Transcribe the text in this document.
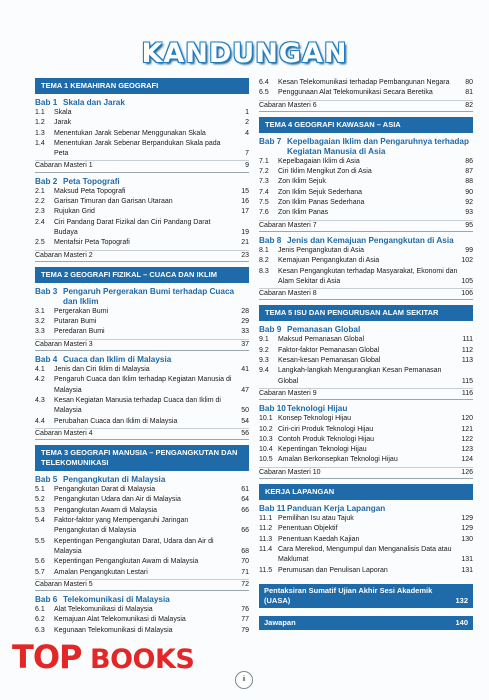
KANDUNGAN
TEMA 1 KEMAHIRAN GEOGRAFI
Bab 1 Skala dan Jarak
1.1	Skala	1
1.2	Jarak	2
1.3	Menentukan Jarak Sebenar Menggunakan Skala	4
1.4	Menentukan Jarak Sebenar Berpandukan Skala pada Peta	7
Cabaran Masteri 1	9
Bab 2 Peta Topografi
2.1	Maksud Peta Topografi	15
2.2	Garisan Timuran dan Garisan Utaraan	16
2.3	Rujukan Grid	17
2.4	Ciri Pandang Darat Fizikal dan Ciri Pandang Darat Budaya	19
2.5	Mentafsir Peta Topografi	21
Cabaran Masteri 2	23
TEMA 2 GEOGRAFI FIZIKAL – CUACA DAN IKLIM
Bab 3 Pengaruh Pergerakan Bumi terhadap Cuaca dan Iklim
3.1	Pergerakan Bumi	28
3.2	Putaran Bumi	29
3.3	Peredaran Bumi	33
Cabaran Masteri 3	37
Bab 4 Cuaca dan Iklim di Malaysia
4.1	Jenis dan Ciri Iklim di Malaysia	41
4.2	Pengaruh Cuaca dan Iklim terhadap Kegiatan Manusia di Malaysia	47
4.3	Kesan Kegiatan Manusia terhadap Cuaca dan Iklim di Malaysia	50
4.4	Perubahan Cuaca dan Iklim di Malaysia	54
Cabaran Masteri 4	56
TEMA 3 GEOGRAFI MANUSIA – PENGANGKUTAN DAN TELEKOMUNIKASI
Bab 5 Pengangkutan di Malaysia
5.1	Pengangkutan Darat di Malaysia	61
5.2	Pengangkutan Udara dan Air di Malaysia	64
5.3	Pengangkutan Awam di Malaysia	66
5.4	Faktor-faktor yang Mempengaruhi Jaringan Pengangkutan di Malaysia	66
5.5	Kepentingan Pengangkutan Darat, Udara dan Air di Malaysia	68
5.6	Kepentingan Pengangkutan Awam di Malaysia	70
5.7	Amalan Pengangkutan Lestari	71
Cabaran Masteri 5	72
Bab 6 Telekomunikasi di Malaysia
6.1	Alat Telekomunikasi di Malaysia	76
6.2	Kemajuan Alat Telekomunikasi di Malaysia	77
6.3	Kegunaan Telekomunikasi di Malaysia	79
6.4	Kesan Telekomunikasi terhadap Pembangunan Negara	80
6.5	Penggunaan Alat Telekomunikasi Secara Beretika	81
Cabaran Masteri 6	82
TEMA 4 GEOGRAFI KAWASAN – ASIA
Bab 7 Kepelbagaian Iklim dan Pengaruhnya terhadap Kegiatan Manusia di Asia
7.1	Kepelbagaian Iklim di Asia	86
7.2	Ciri Iklim Mengikut Zon di Asia	87
7.3	Zon Iklim Sejuk	88
7.4	Zon Iklim Sejuk Sederhana	90
7.5	Zon Iklim Panas Sederhana	92
7.6	Zon Iklim Panas	93
Cabaran Masteri 7	95
Bab 8 Jenis dan Kemajuan Pengangkutan di Asia
8.1	Jenis Pengangkutan di Asia	99
8.2	Kemajuan Pengangkutan di Asia	102
8.3	Kesan Pengangkutan terhadap Masyarakat, Ekonomi dan Alam Sekitar di Asia	105
Cabaran Masteri 8	106
TEMA 5 ISU DAN PENGURUSAN ALAM SEKITAR
Bab 9 Pemanasan Global
9.1	Maksud Pemanasan Global	111
9.2	Faktor-faktor Pemanasan Global	112
9.3	Kesan-kesan Pemanasan Global	113
9.4	Langkah-langkah Mengurangkan Kesan Pemanasan Global	115
Cabaran Masteri 9	116
Bab 10 Teknologi Hijau
10.1 Konsep Teknologi Hijau	120
10.2 Ciri-ciri Produk Teknologi Hijau	121
10.3 Contoh Produk Teknologi Hijau	122
10.4 Kepentingan Teknologi Hijau	123
10.5 Amalan Berkonsepkan Teknologi Hijau	124
Cabaran Masteri 10	126
KERJA LAPANGAN
Bab 11 Panduan Kerja Lapangan
11.1 Pemilihan Isu atau Tajuk	129
11.2 Penentuan Objektif	129
11.3 Penentuan Kaedah Kajian	130
11.4 Cara Merekod, Mengumpul dan Menganalisis Data atau Maklumat	131
11.5 Perumusan dan Penulisan Laporan	131
Pentaksiran Sumatif Ujian Akhir Sesi Akademik (UASA)	132
Jawapan	140
TOP BOOKS
ii
